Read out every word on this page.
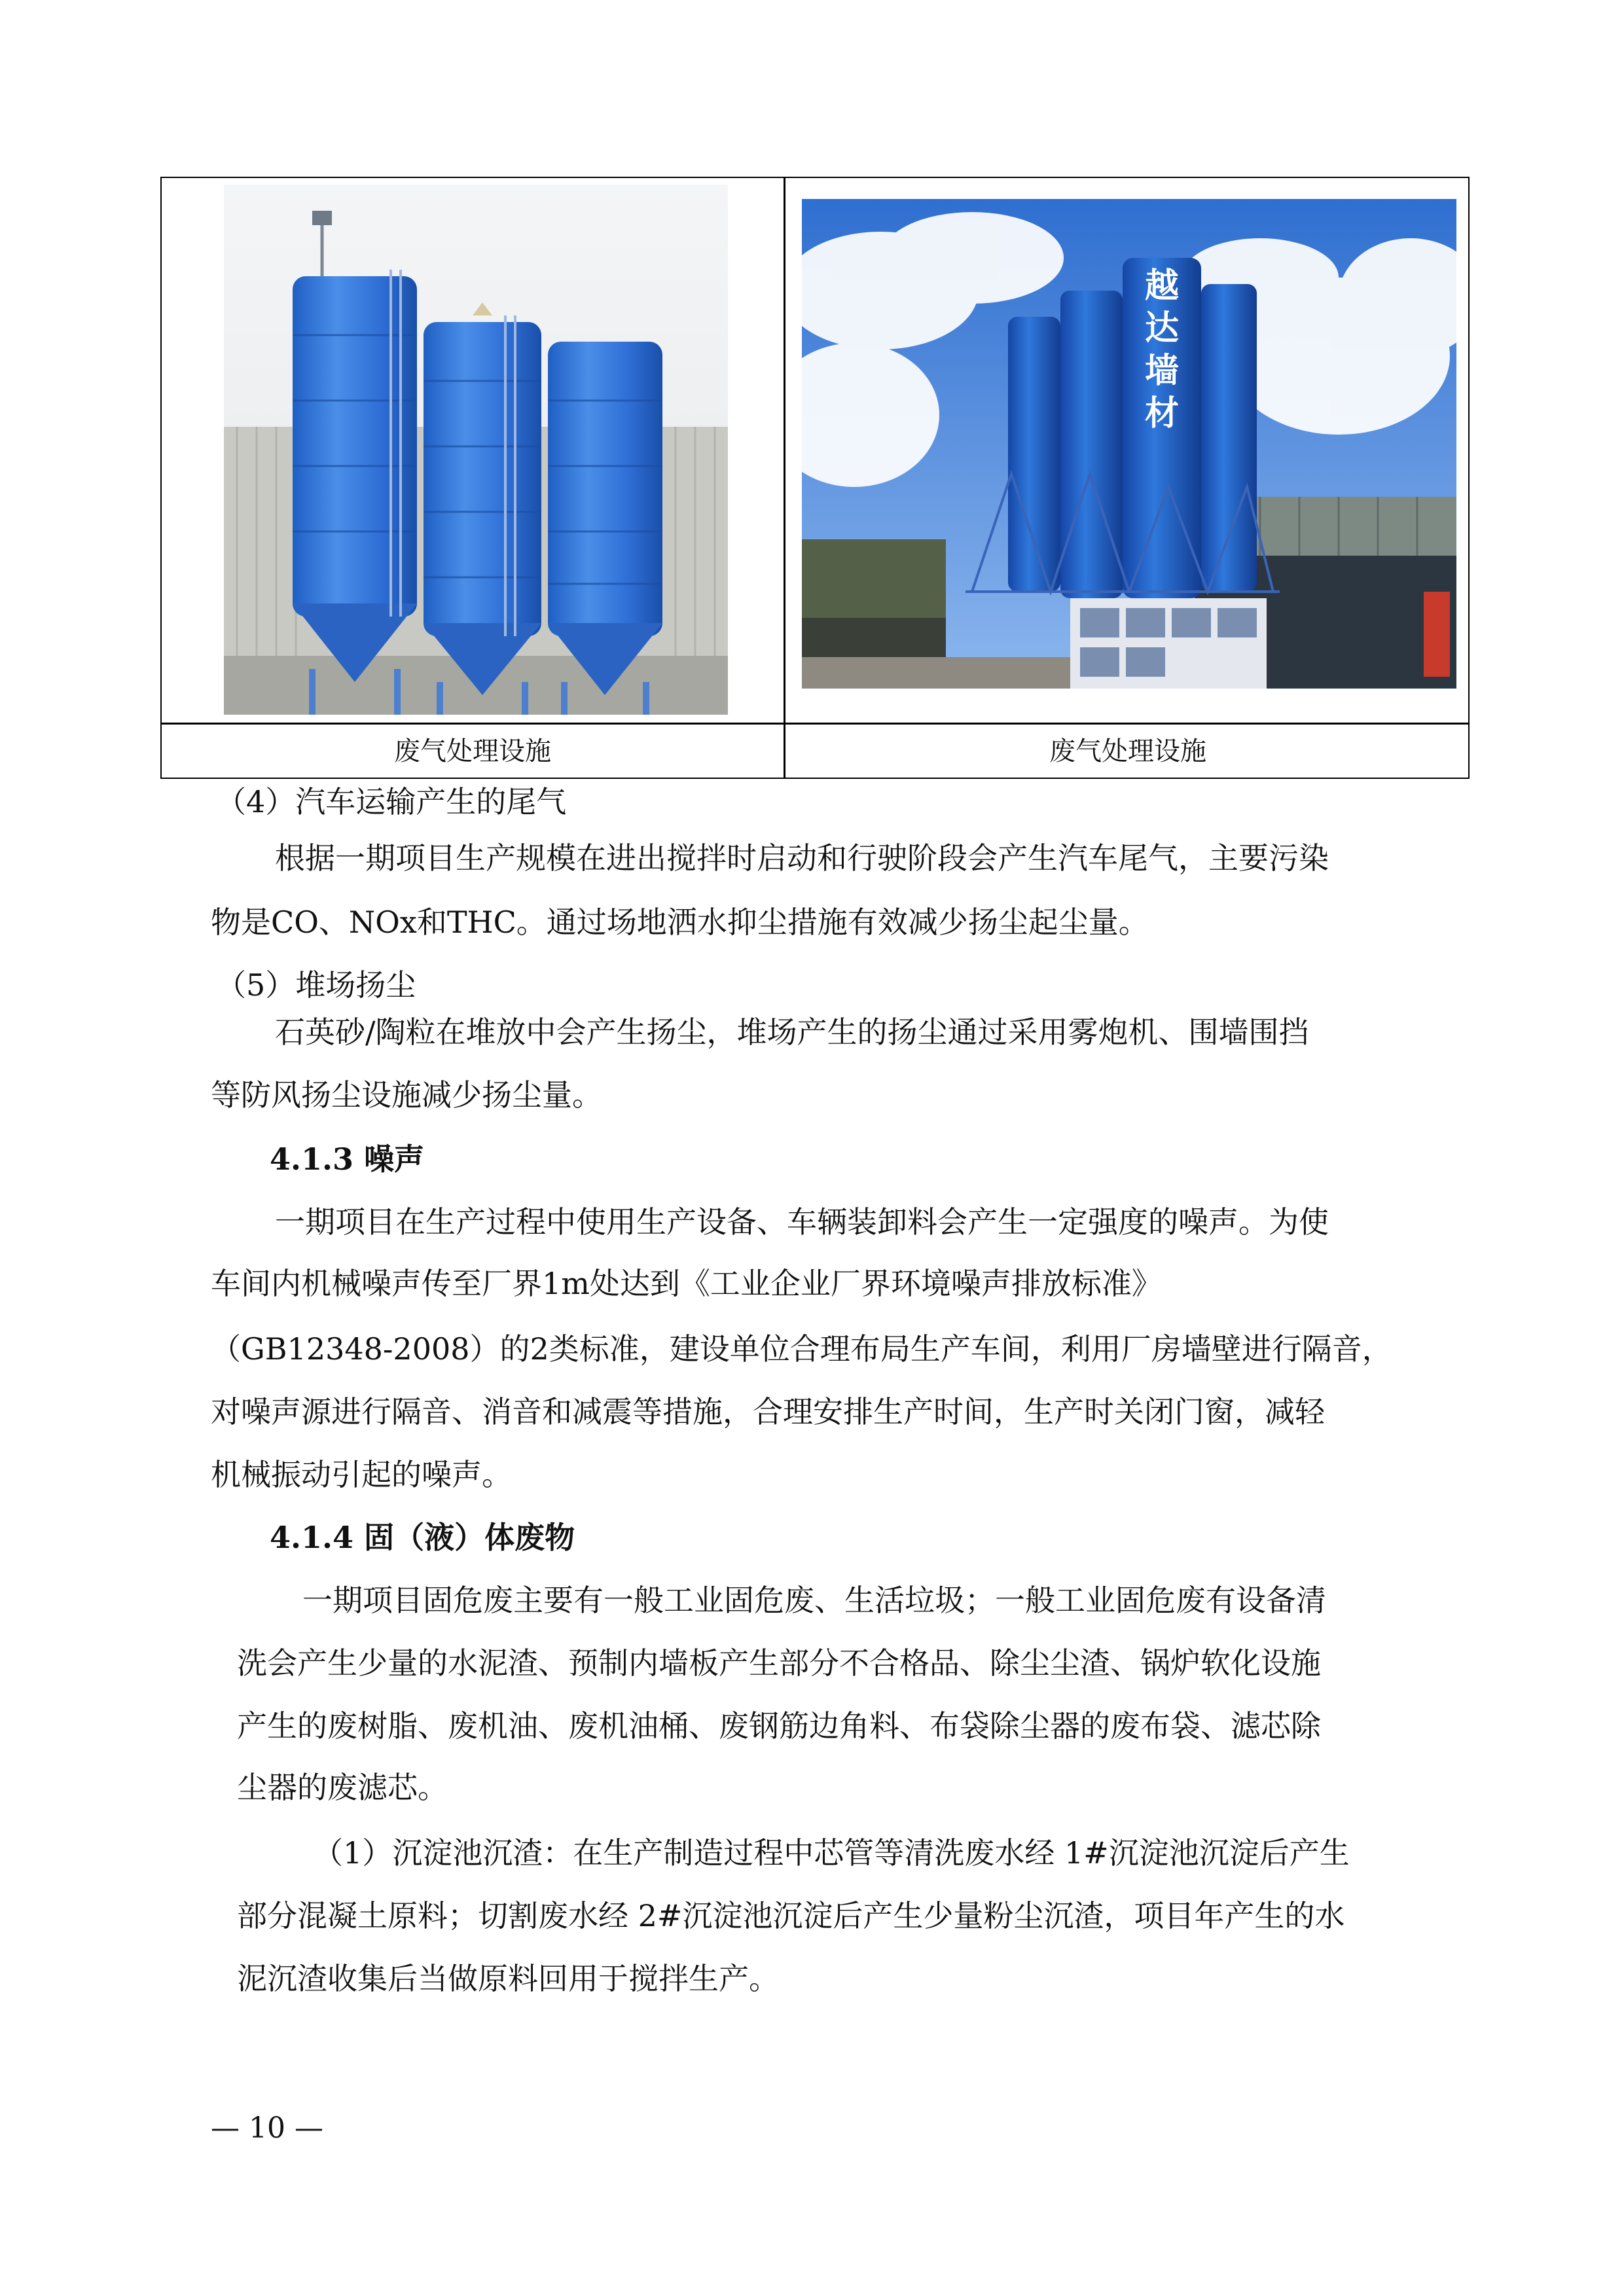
越
达
墙
材
废气处理设施	废气处理设施
（4）汽车运输产生的尾气
根据一期项目生产规模在进出搅拌时启动和行驶阶段会产生汽车尾气，主要污染
物是CO、NOx和THC。通过场地洒水抑尘措施有效减少扬尘起尘量。
（5）堆场扬尘
石英砂/陶粒在堆放中会产生扬尘，堆场产生的扬尘通过采用雾炮机、围墙围挡
等防风扬尘设施减少扬尘量。
4.1.3 噪声
一期项目在生产过程中使用生产设备、车辆装卸料会产生一定强度的噪声。为使
车间内机械噪声传至厂界1m处达到《工业企业厂界环境噪声排放标准》
（GB12348-2008）的2类标准，建设单位合理布局生产车间，利用厂房墙壁进行隔音，
对噪声源进行隔音、消音和减震等措施，合理安排生产时间，生产时关闭门窗，减轻
机械振动引起的噪声。
4.1.4 固（液）体废物
一期项目固危废主要有一般工业固危废、生活垃圾；一般工业固危废有设备清
洗会产生少量的水泥渣、预制内墙板产生部分不合格品、除尘尘渣、锅炉软化设施
产生的废树脂、废机油、废机油桶、废钢筋边角料、布袋除尘器的废布袋、滤芯除
尘器的废滤芯。
（1）沉淀池沉渣：在生产制造过程中芯管等清洗废水经 1#沉淀池沉淀后产生
部分混凝土原料；切割废水经 2#沉淀池沉淀后产生少量粉尘沉渣，项目年产生的水
泥沉渣收集后当做原料回用于搅拌生产。
— 10 —
